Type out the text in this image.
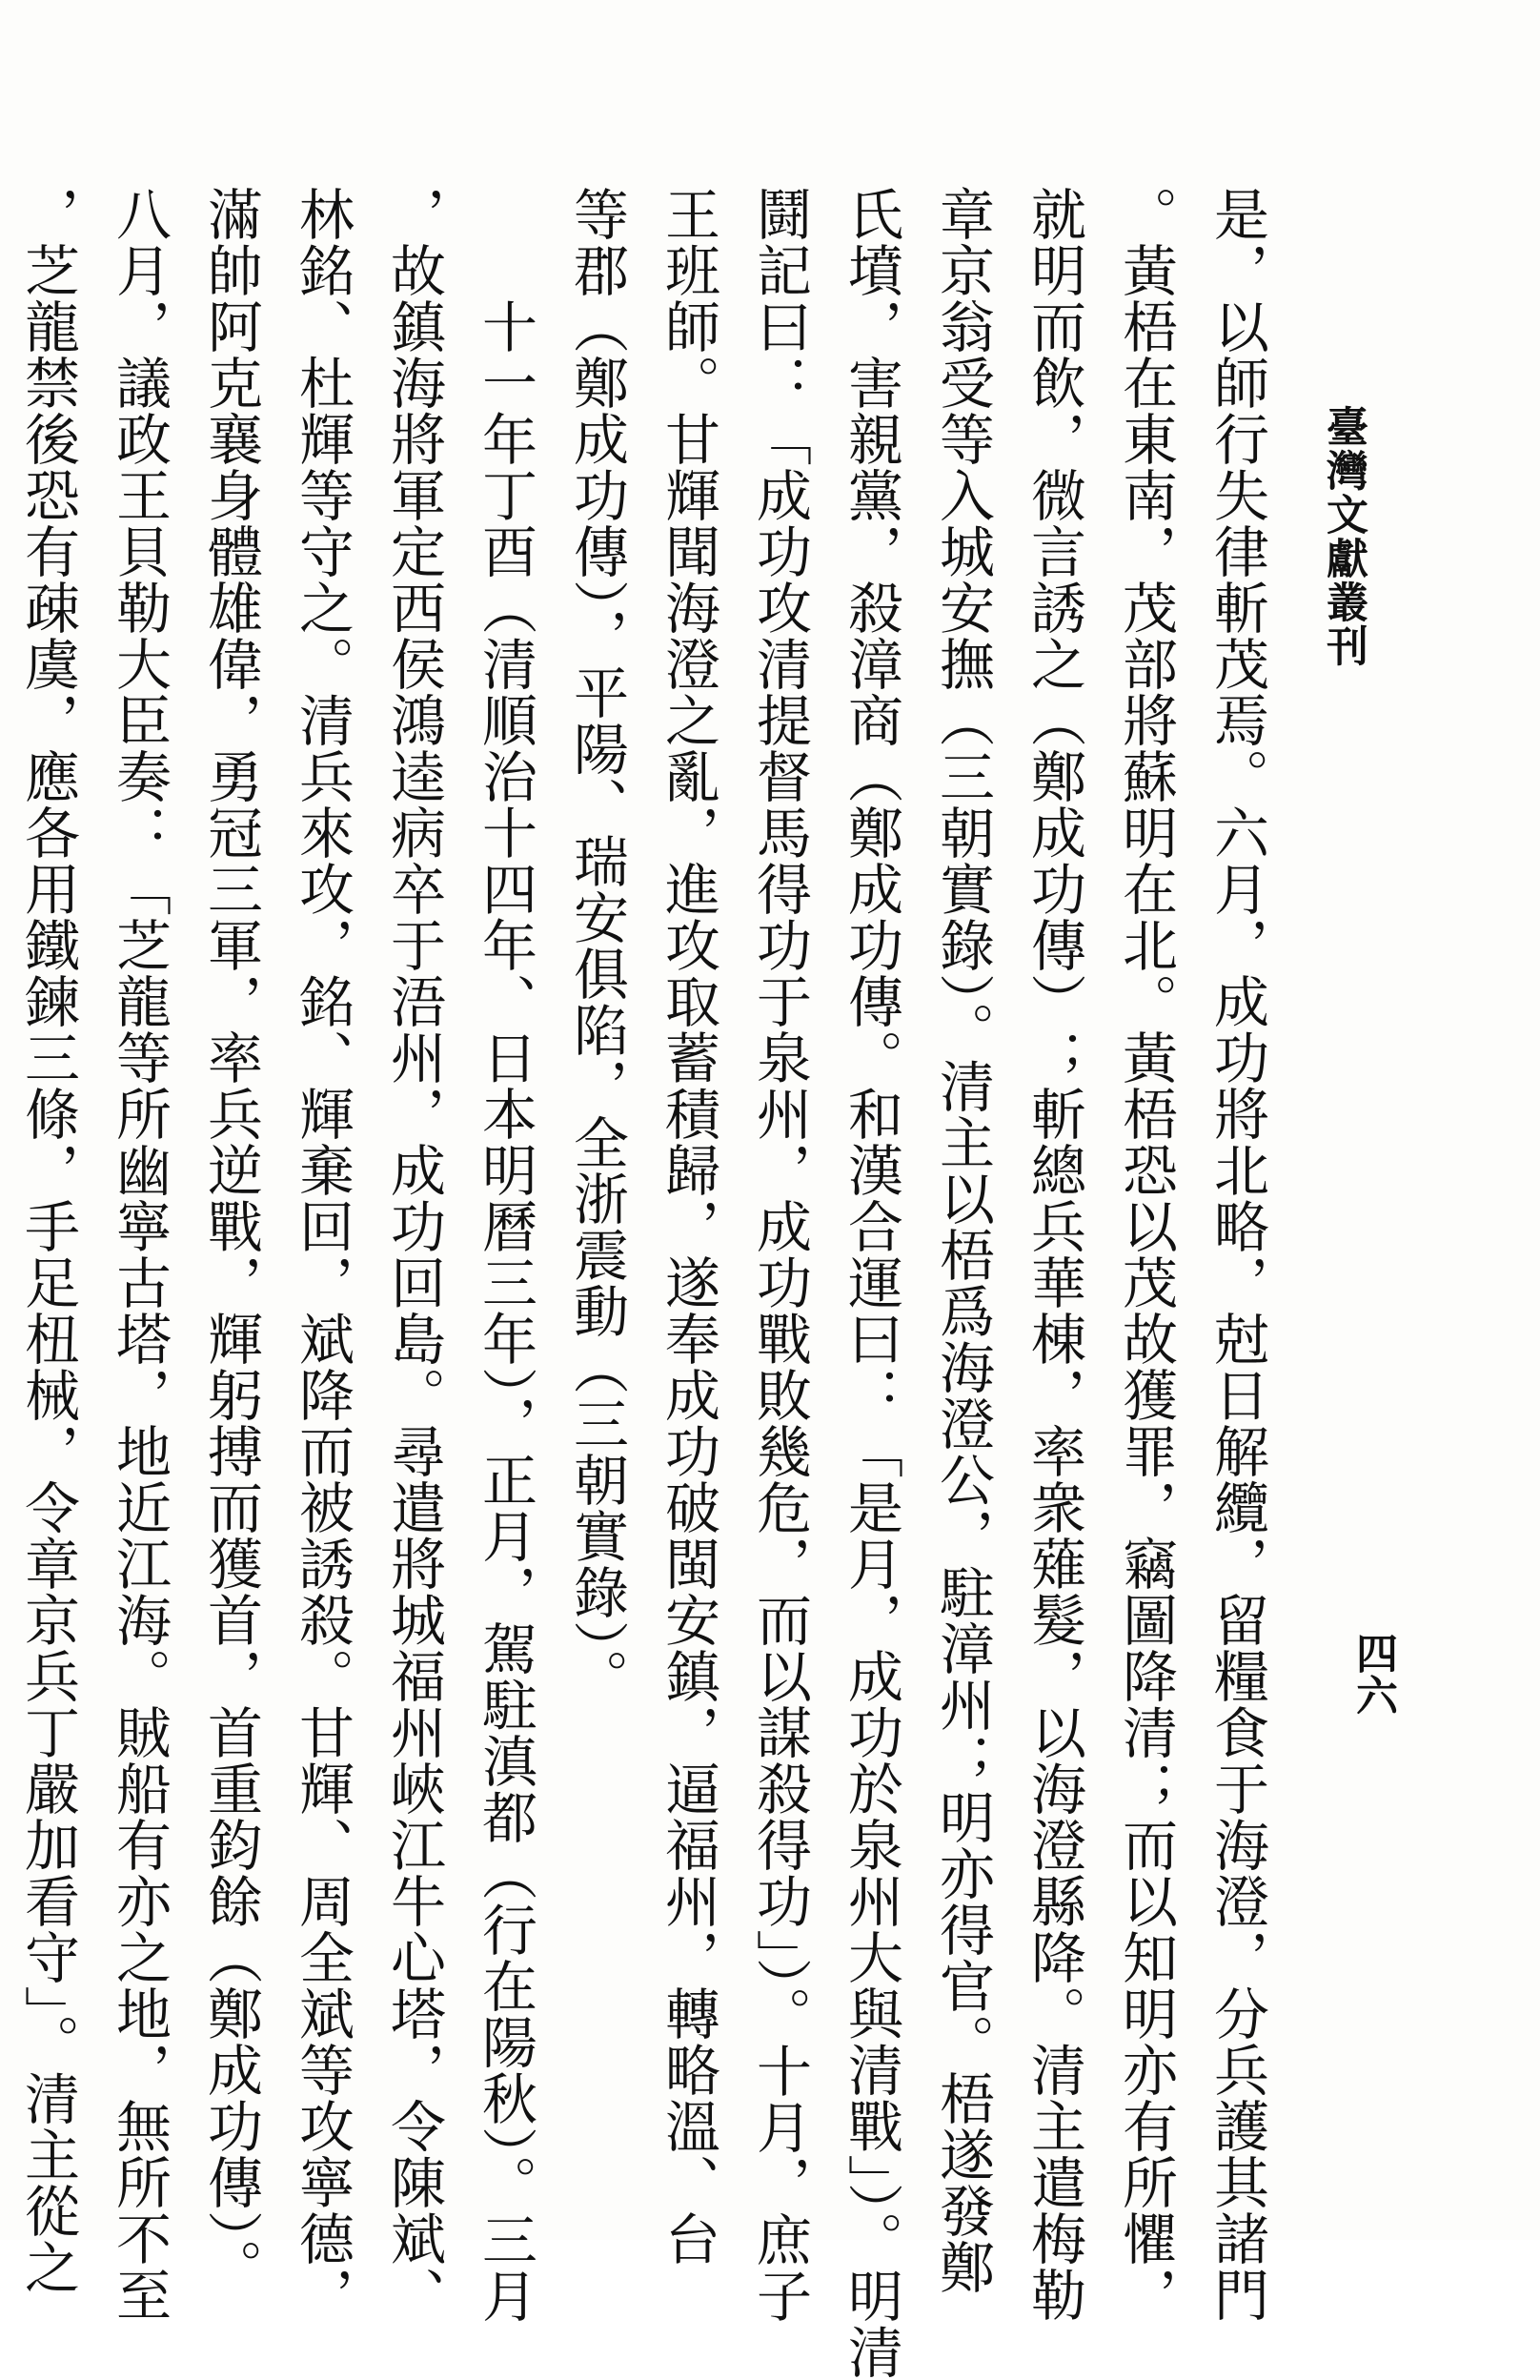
臺灣文獻叢刊
四六
是，以師行失律斬茂焉。六月，成功將北略，尅日解纜，留糧食于海澄，分兵護其諸門
。黃梧在東南，茂部將蘇明在北。黃梧恐以茂故獲罪，竊圖降清；而以知明亦有所懼，
就明而飲，微言誘之（鄭成功傳）；斬總兵華棟，率衆薙髮，以海澄縣降。清主遣梅勒
章京翁受等入城安撫（三朝實錄）。清主以梧爲海澄公，駐漳州；明亦得官。梧遂發鄭
氏墳，害親黨，殺漳商（鄭成功傳。和漢合運曰：「是月，成功於泉州大與清戰」）。明清
鬪記曰：「成功攻清提督馬得功于泉州，成功戰敗幾危，而以謀殺得功」）。十月，庶子
王班師。甘輝聞海澄之亂，進攻取蓄積歸，遂奉成功破閩安鎮，逼福州，轉略溫、台
等郡（鄭成功傳），平陽、瑞安俱陷，全浙震動（三朝實錄）。
　　十一年丁酉（清順治十四年、日本明曆三年），正月，駕駐滇都（行在陽秋）。三月
，故鎮海將軍定西侯鴻逵病卒于浯州，成功回島。尋遣將城福州峽江牛心塔，令陳斌、
林銘、杜輝等守之。清兵來攻，銘、輝棄回，斌降而被誘殺。甘輝、周全斌等攻寧德，
滿帥阿克襄身體雄偉，勇冠三軍，率兵逆戰，輝躬搏而獲首，首重鈞餘（鄭成功傳）。
八月，議政王貝勒大臣奏：「芝龍等所幽寧古塔，地近江海。賊船有亦之地，無所不至
，芝龍禁後恐有疎虞，應各用鐵鍊三條，手足杻械，令章京兵丁嚴加看守」。清主從之
